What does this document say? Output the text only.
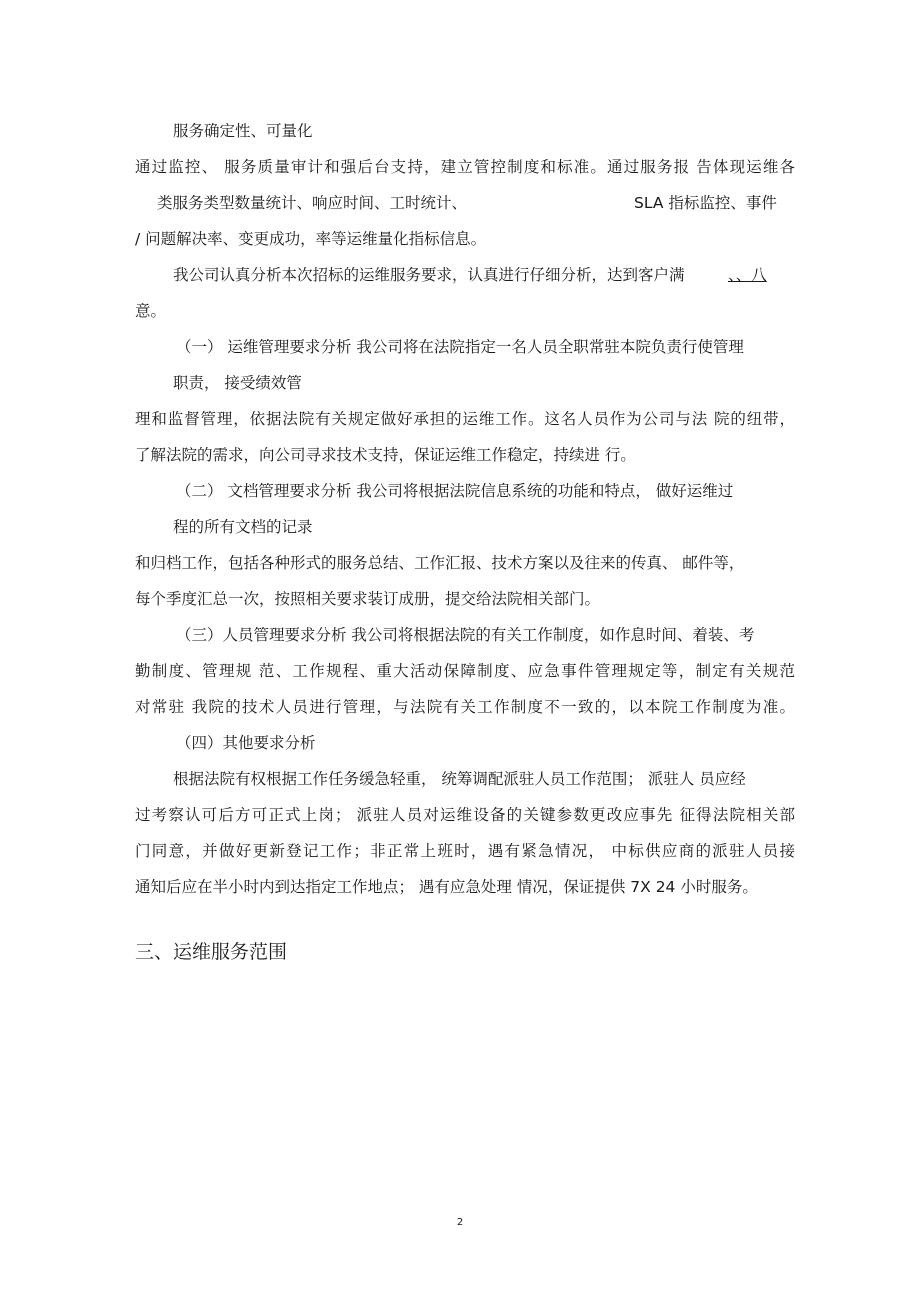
服务确定性、可量化
通过监控、 服务质量审计和强后台支持，建立管控制度和标准。通过服务报 告体现运维各
类服务类型数量统计、响应时间、工时统计、	SLA 指标监控、事件
/ 问题解决率、变更成功，率等运维量化指标信息。
我公司认真分析本次招标的运维服务要求，认真进行仔细分析，达到客户满	、、八
意。
（一） 运维管理要求分析 我公司将在法院指定一名人员全职常驻本院负责行使管理
职责， 接受绩效管
理和监督管理，依据法院有关规定做好承担的运维工作。这名人员作为公司与法 院的纽带，
了解法院的需求，向公司寻求技术支持，保证运维工作稳定，持续进 行。
（二） 文档管理要求分析 我公司将根据法院信息系统的功能和特点， 做好运维过
程的所有文档的记录
和归档工作，包括各种形式的服务总结、工作汇报、技术方案以及往来的传真、 邮件等，
每个季度汇总一次，按照相关要求装订成册，提交给法院相关部门。
（三）人员管理要求分析 我公司将根据法院的有关工作制度，如作息时间、着装、考
勤制度、管理规 范、工作规程、重大活动保障制度、应急事件管理规定等，制定有关规范
对常驻 我院的技术人员进行管理，与法院有关工作制度不一致的，以本院工作制度为准。
（四）其他要求分析
根据法院有权根据工作任务缓急轻重， 统筹调配派驻人员工作范围； 派驻人 员应经
过考察认可后方可正式上岗； 派驻人员对运维设备的关键参数更改应事先 征得法院相关部
门同意，并做好更新登记工作；非正常上班时，遇有紧急情况， 中标供应商的派驻人员接
通知后应在半小时内到达指定工作地点； 遇有应急处理 情况，保证提供 7X 24 小时服务。
三、运维服务范围
2
